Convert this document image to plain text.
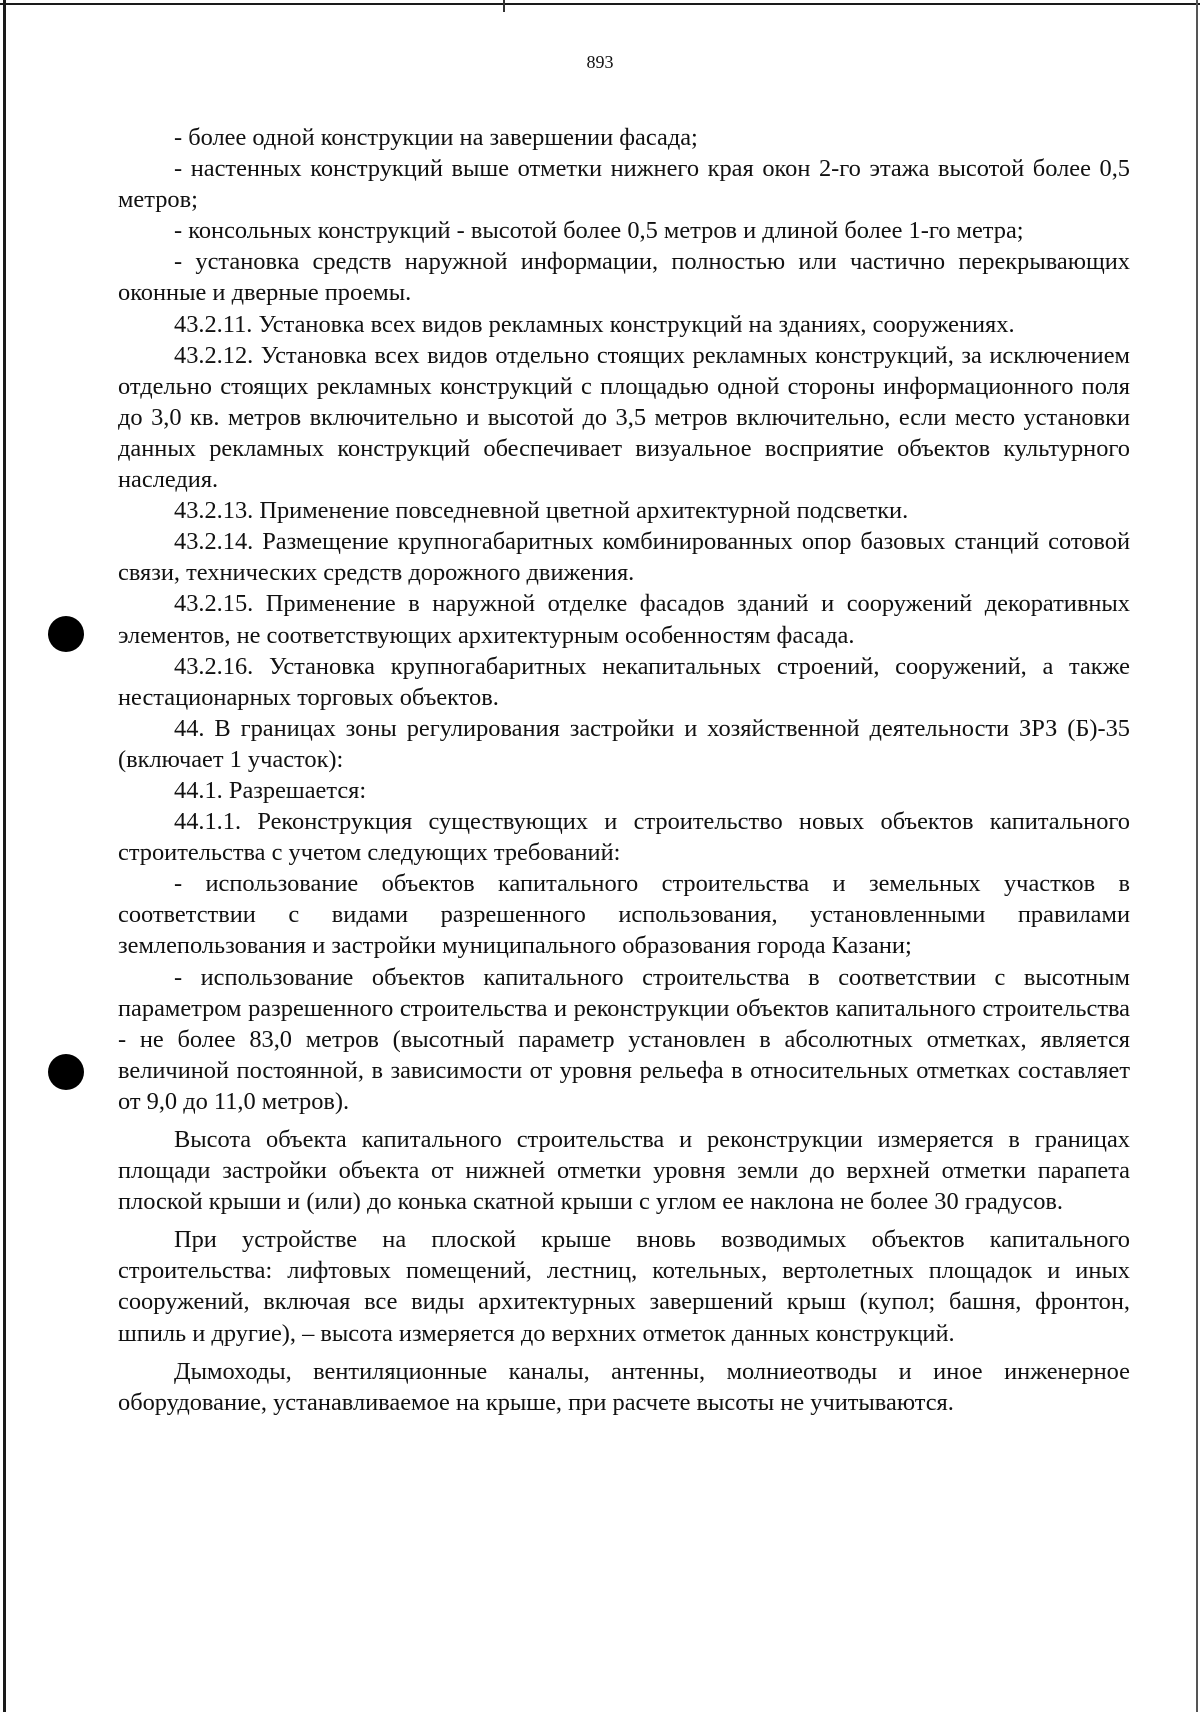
893

- более одной конструкции на завершении фасада;

- настенных конструкций выше отметки нижнего края окон 2-го этажа высотой более 0,5 метров;

- консольных конструкций - высотой более 0,5 метров и длиной более 1-го метра;

- установка средств наружной информации, полностью или частично перекрывающих оконные и дверные проемы.

43.2.11. Установка всех видов рекламных конструкций на зданиях, сооружениях.

43.2.12. Установка всех видов отдельно стоящих рекламных конструкций, за исключением отдельно стоящих рекламных конструкций с площадью одной стороны информационного поля до 3,0 кв. метров включительно и высотой до 3,5 метров включительно, если место установки данных рекламных конструкций обеспечивает визуальное восприятие объектов культурного наследия.

43.2.13. Применение повседневной цветной архитектурной подсветки.

43.2.14. Размещение крупногабаритных комбинированных опор базовых станций сотовой связи, технических средств дорожного движения.

43.2.15. Применение в наружной отделке фасадов зданий и сооружений декоративных элементов, не соответствующих архитектурным особенностям фасада.

43.2.16. Установка крупногабаритных некапитальных строений, сооружений, а также нестационарных торговых объектов.

44. В границах зоны регулирования застройки и хозяйственной деятельности ЗРЗ (Б)-35 (включает 1 участок):

44.1. Разрешается:

44.1.1. Реконструкция существующих и строительство новых объектов капитального строительства с учетом следующих требований:

- использование объектов капитального строительства и земельных участков в соответствии с видами разрешенного использования, установленными правилами землепользования и застройки муниципального образования города Казани;

- использование объектов капитального строительства в соответствии с высотным параметром разрешенного строительства и реконструкции объектов капитального строительства - не более 83,0 метров (высотный параметр установлен в абсолютных отметках, является величиной постоянной, в зависимости от уровня рельефа в относительных отметках составляет от 9,0 до 11,0 метров).

Высота объекта капитального строительства и реконструкции измеряется в границах площади застройки объекта от нижней отметки уровня земли до верхней отметки парапета плоской крыши и (или) до конька скатной крыши с углом ее наклона не более 30 градусов.

При устройстве на плоской крыше вновь возводимых объектов капитального строительства: лифтовых помещений, лестниц, котельных, вертолетных площадок и иных сооружений, включая все виды архитектурных завершений крыш (купол; башня, фронтон, шпиль и другие), – высота измеряется до верхних отметок данных конструкций.

Дымоходы, вентиляционные каналы, антенны, молниеотводы и иное инженерное оборудование, устанавливаемое на крыше, при расчете высоты не учитываются.
